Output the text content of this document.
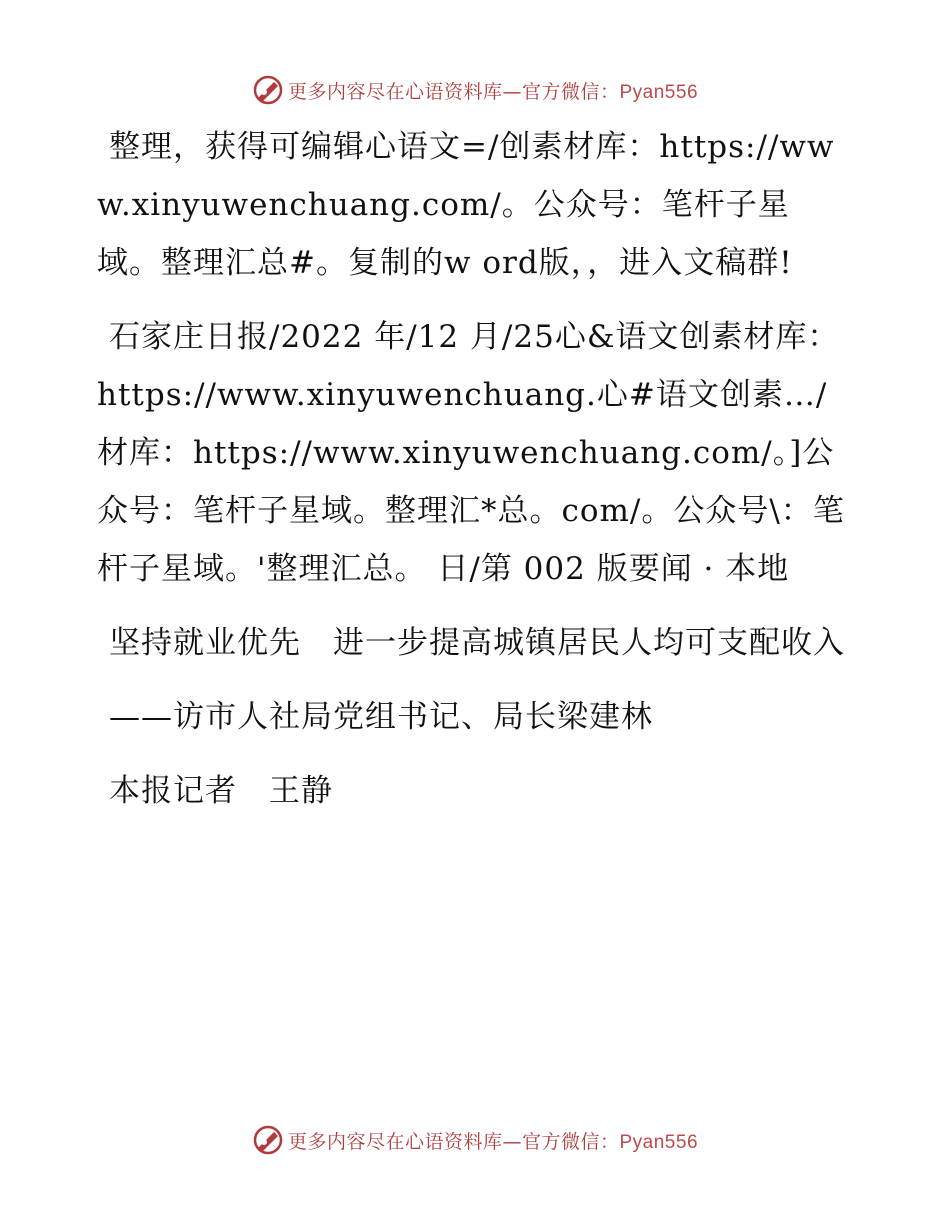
更多内容尽在心语资料库—官方微信：Pyan556

整理，获得可编辑心语文=/创素材库：https://www.xinyuwenchuang.com/。公众号：笔杆子星域。整理汇总#。复制的w ord版，，进入文稿群!

石家庄日报/2022 年/12 月/25心&语文创素材库：https://www.xinyuwenchuang.心#语文创素…/材库：https://www.xinyuwenchuang.com/。]公众号：笔杆子星域。整理汇*总。com/。公众号\：笔杆子星域。'整理汇总。 日/第 002 版要闻 · 本地

坚持就业优先　进一步提高城镇居民人均可支配收入

——访市人社局党组书记、局长梁建林

本报记者　王静

更多内容尽在心语资料库—官方微信：Pyan556
